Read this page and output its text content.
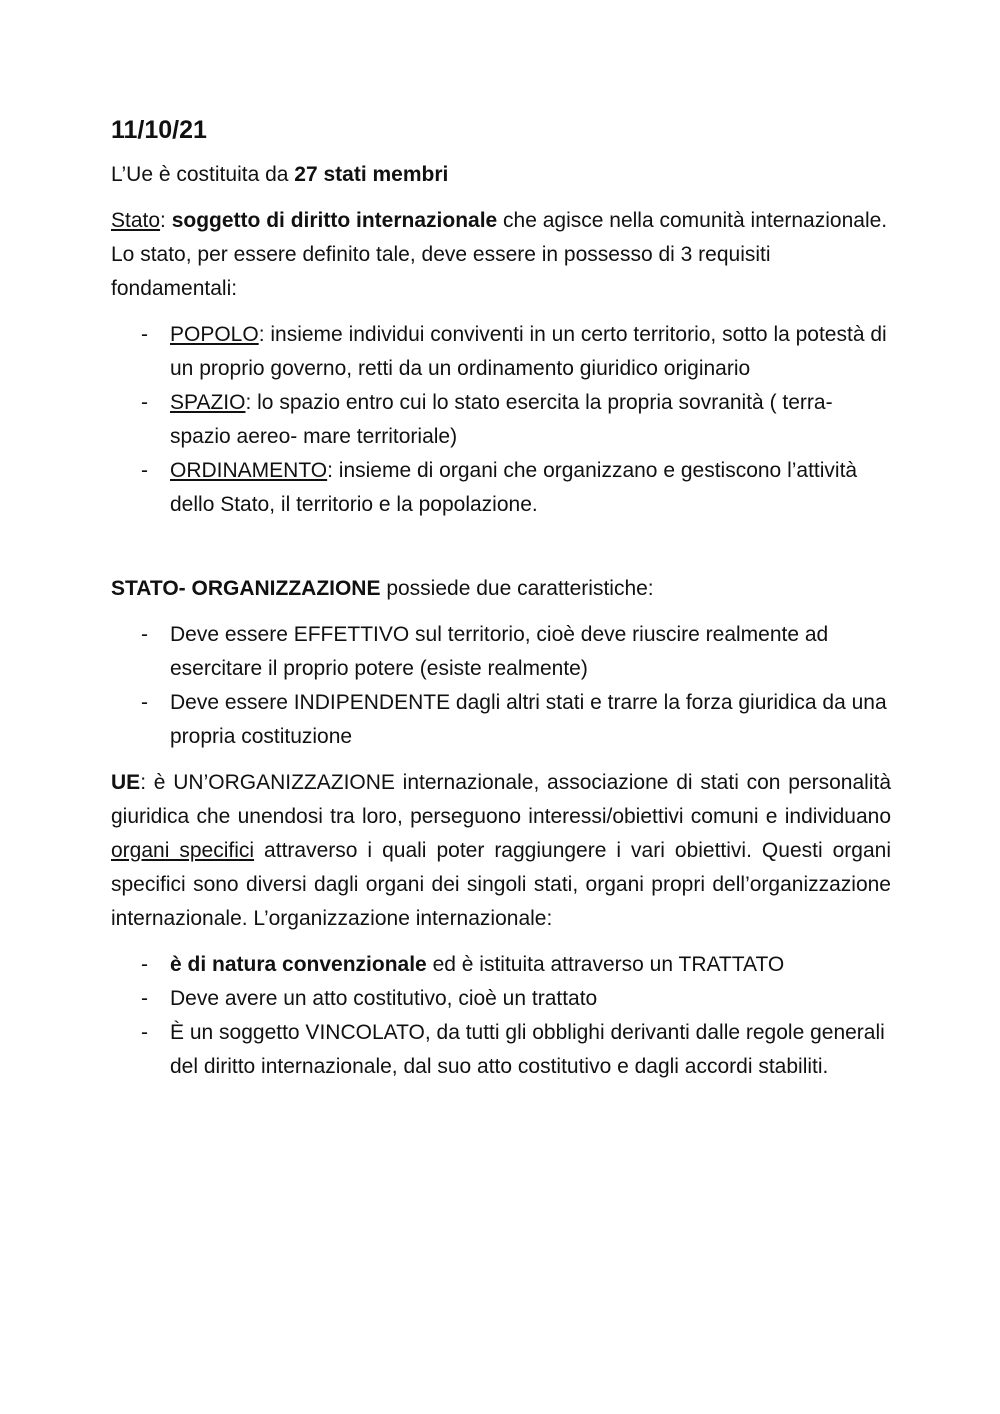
11/10/21

L’Ue è costituita da 27 stati membri

Stato: soggetto di diritto internazionale che agisce nella comunità internazionale. Lo stato, per essere definito tale, deve essere in possesso di 3 requisiti fondamentali:

- POPOLO: insieme individui conviventi in un certo territorio, sotto la potestà di un proprio governo, retti da un ordinamento giuridico originario
- SPAZIO: lo spazio entro cui lo stato esercita la propria sovranità ( terra- spazio aereo- mare territoriale)
- ORDINAMENTO: insieme di organi che organizzano e gestiscono l’attività dello Stato, il territorio e la popolazione.

STATO- ORGANIZZAZIONE possiede due caratteristiche:

- Deve essere EFFETTIVO sul territorio, cioè deve riuscire realmente ad esercitare il proprio potere (esiste realmente)
- Deve essere INDIPENDENTE dagli altri stati e trarre la forza giuridica da una propria costituzione

UE: è UN’ORGANIZZAZIONE internazionale, associazione di stati con personalità giuridica che unendosi tra loro, perseguono interessi/obiettivi comuni e individuano organi specifici attraverso i quali poter raggiungere i vari obiettivi. Questi organi specifici sono diversi dagli organi dei singoli stati, organi propri dell’organizzazione internazionale. L’organizzazione internazionale:

- è di natura convenzionale ed è istituita attraverso un TRATTATO
- Deve avere un atto costitutivo, cioè un trattato
- È un soggetto VINCOLATO, da tutti gli obblighi derivanti dalle regole generali del diritto internazionale, dal suo atto costitutivo e dagli accordi stabiliti.
